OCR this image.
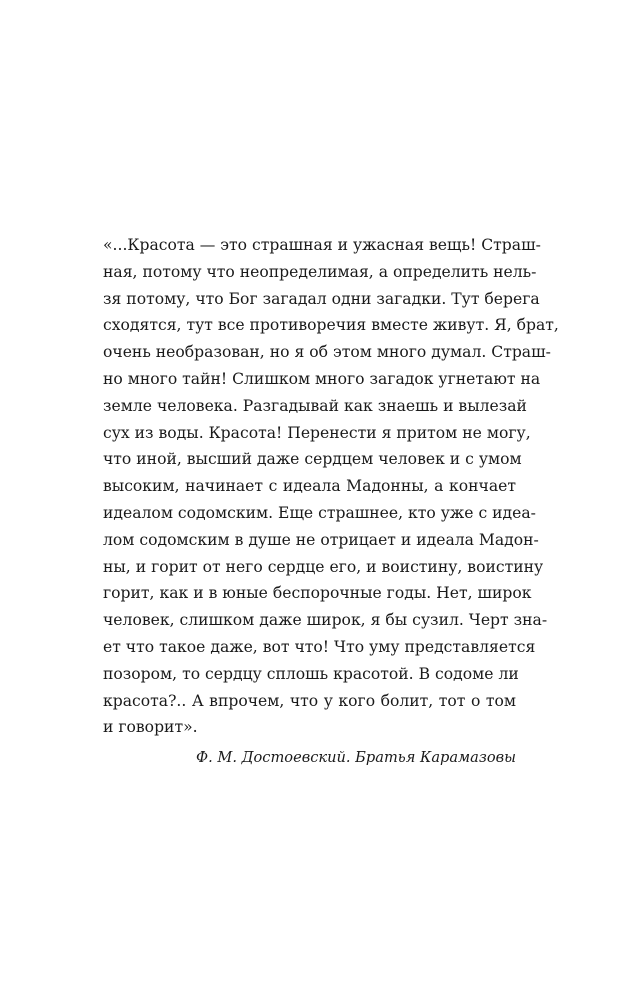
«...Красота — это страшная и ужасная вещь! Страш-
ная, потому что неопределимая, а определить нель-
зя потому, что Бог загадал одни загадки. Тут берега
сходятся, тут все противоречия вместе живут. Я, брат,
очень необразован, но я об этом много думал. Страш-
но много тайн! Слишком много загадок угнетают на
земле человека. Разгадывай как знаешь и вылезай
сух из воды. Красота! Перенести я притом не могу,
что иной, высший даже сердцем человек и с умом
высоким, начинает с идеала Мадонны, а кончает
идеалом содомским. Еще страшнее, кто уже с идеа-
лом содомским в душе не отрицает и идеала Мадон-
ны, и горит от него сердце его, и воистину, воистину
горит, как и в юные беспорочные годы. Нет, широк
человек, слишком даже широк, я бы сузил. Черт зна-
ет что такое даже, вот что! Что уму представляется
позором, то сердцу сплошь красотой. В содоме ли
красота?.. А впрочем, что у кого болит, тот о том
и говорит».
Ф. М. Достоевский. Братья Карамазовы
